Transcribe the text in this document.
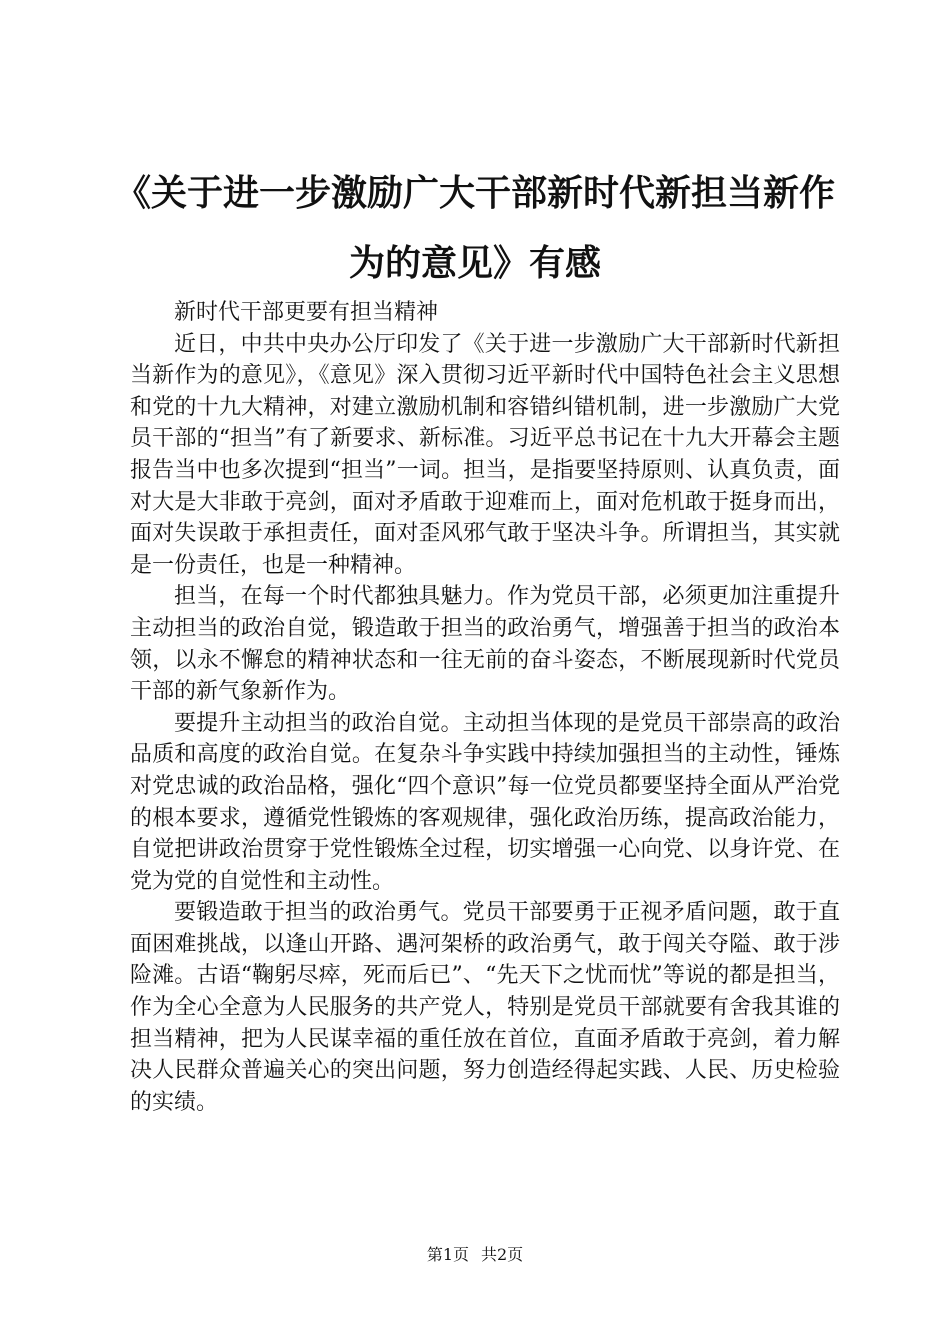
《关于进一步激励广大干部新时代新担当新作
为的意见》有感

新时代干部更要有担当精神

近日，中共中央办公厅印发了《关于进一步激励广大干部新时代新担当新作为的意见》，《意见》深入贯彻习近平新时代中国特色社会主义思想和党的十九大精神，对建立激励机制和容错纠错机制，进一步激励广大党员干部的“担当”有了新要求、新标准。习近平总书记在十九大开幕会主题报告当中也多次提到“担当”一词。担当，是指要坚持原则、认真负责，面对大是大非敢于亮剑，面对矛盾敢于迎难而上，面对危机敢于挺身而出，面对失误敢于承担责任，面对歪风邪气敢于坚决斗争。所谓担当，其实就是一份责任，也是一种精神。

担当，在每一个时代都独具魅力。作为党员干部，必须更加注重提升主动担当的政治自觉，锻造敢于担当的政治勇气，增强善于担当的政治本领，以永不懈怠的精神状态和一往无前的奋斗姿态，不断展现新时代党员干部的新气象新作为。

要提升主动担当的政治自觉。主动担当体现的是党员干部崇高的政治品质和高度的政治自觉。在复杂斗争实践中持续加强担当的主动性，锤炼对党忠诚的政治品格，强化“四个意识”每一位党员都要坚持全面从严治党的根本要求，遵循党性锻炼的客观规律，强化政治历练，提高政治能力，自觉把讲政治贯穿于党性锻炼全过程，切实增强一心向党、以身许党、在党为党的自觉性和主动性。

要锻造敢于担当的政治勇气。党员干部要勇于正视矛盾问题，敢于直面困难挑战，以逢山开路、遇河架桥的政治勇气，敢于闯关夺隘、敢于涉险滩。古语“鞠躬尽瘁，死而后已”、“先天下之忧而忧”等说的都是担当，作为全心全意为人民服务的共产党人，特别是党员干部就要有舍我其谁的担当精神，把为人民谋幸福的重任放在首位，直面矛盾敢于亮剑，着力解决人民群众普遍关心的突出问题，努力创造经得起实践、人民、历史检验的实绩。

第1页 共2页
